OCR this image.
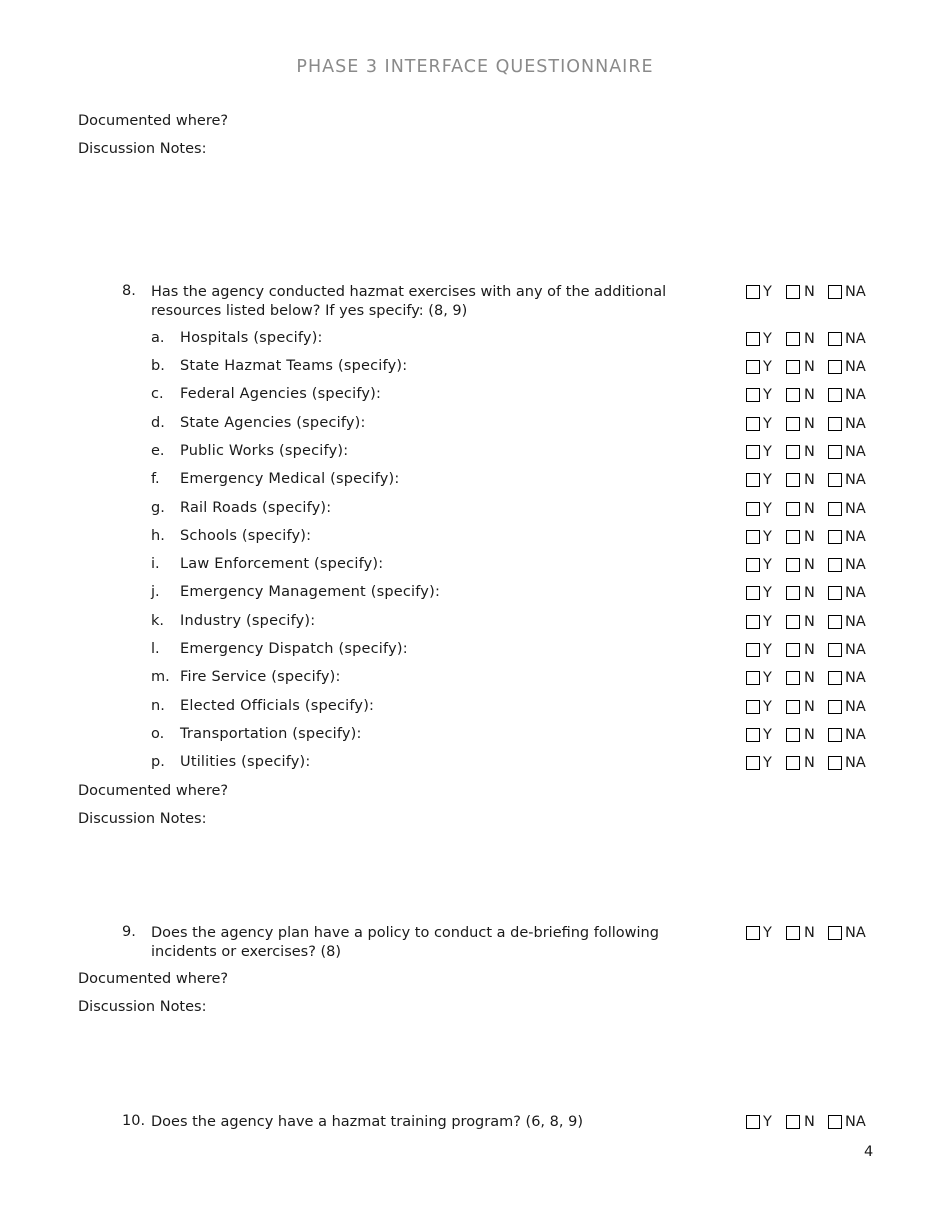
PHASE 3 INTERFACE QUESTIONNAIRE
Documented where?
Discussion Notes:
8. Has the agency conducted hazmat exercises with any of the additional resources listed below? If yes specify: (8, 9)
Y N NA
a. Hospitals (specify):	Y N NA
b. State Hazmat Teams (specify):	Y N NA
c. Federal Agencies (specify):	Y N NA
d. State Agencies (specify):	Y N NA
e. Public Works (specify):	Y N NA
f. Emergency Medical (specify):	Y N NA
g. Rail Roads (specify):	Y N NA
h. Schools (specify):	Y N NA
i. Law Enforcement (specify):	Y N NA
j. Emergency Management (specify):	Y N NA
k. Industry (specify):	Y N NA
l. Emergency Dispatch (specify):	Y N NA
m. Fire Service (specify):	Y N NA
n. Elected Officials (specify):	Y N NA
o. Transportation (specify):	Y N NA
p. Utilities (specify):	Y N NA
Documented where?
Discussion Notes:
9. Does the agency plan have a policy to conduct a de-briefing following incidents or exercises? (8)
Y N NA
Documented where?
Discussion Notes:
10. Does the agency have a hazmat training program? (6, 8, 9)	Y N NA
4
